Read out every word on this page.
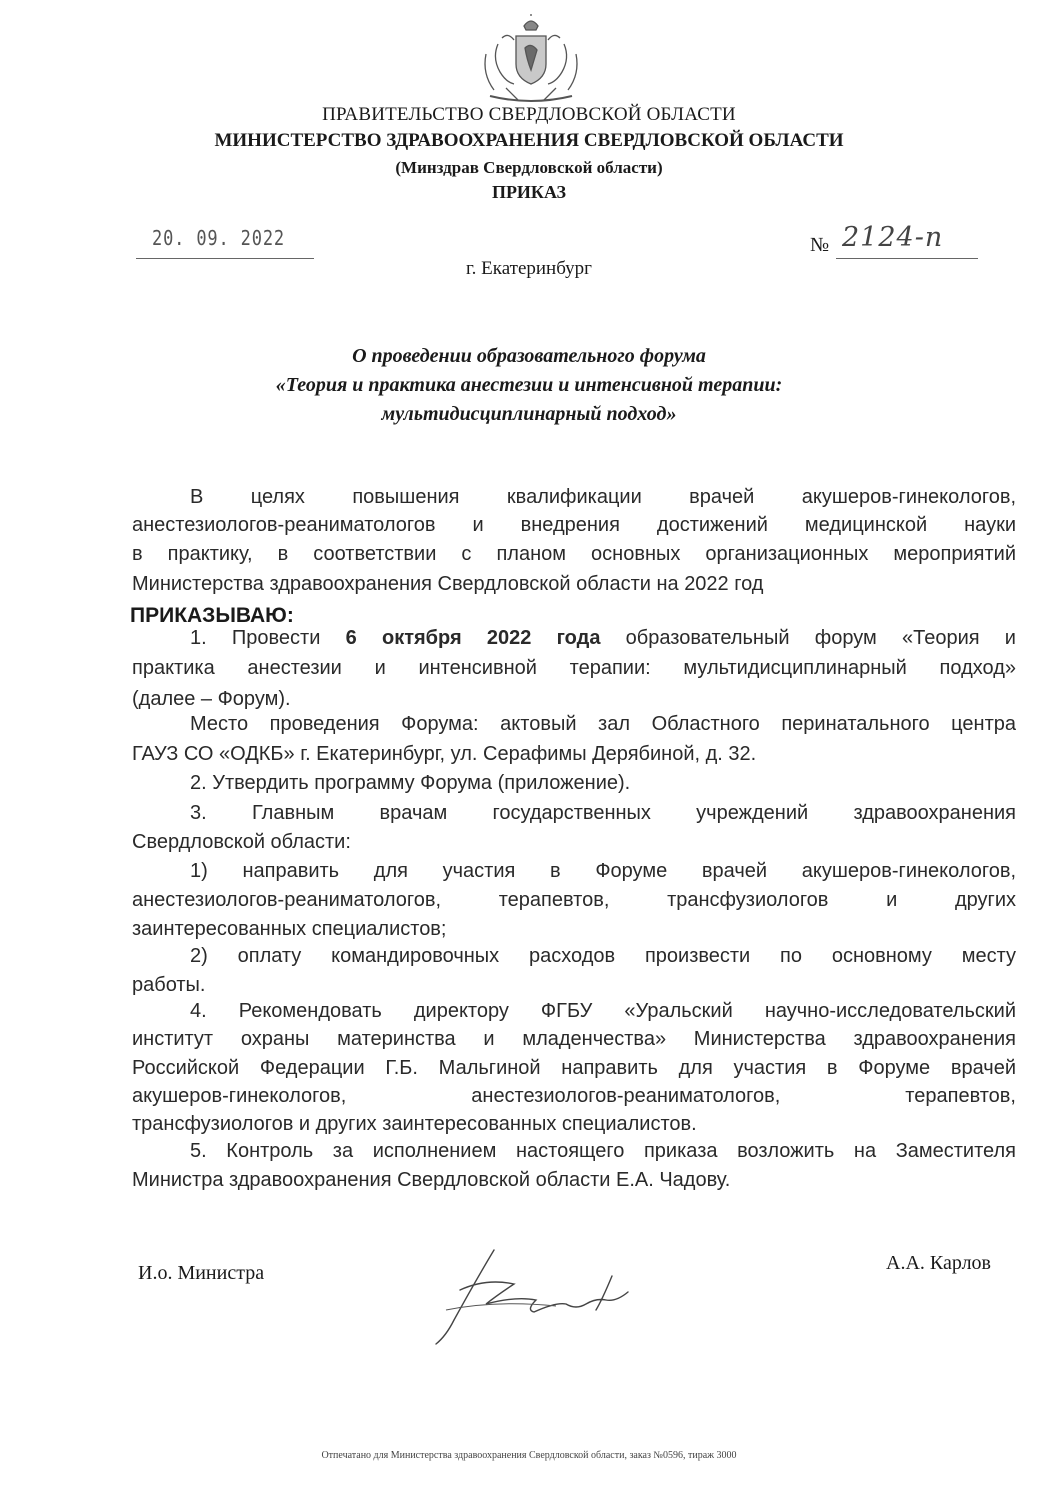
ПРАВИТЕЛЬСТВО СВЕРДЛОВСКОЙ ОБЛАСТИ
МИНИСТЕРСТВО ЗДРАВООХРАНЕНИЯ СВЕРДЛОВСКОЙ ОБЛАСТИ
(Минздрав Свердловской области)
ПРИКАЗ
20. 09. 2022	№ 2124-п
г. Екатеринбург
О проведении образовательного форума
«Теория и практика анестезии и интенсивной терапии:
мультидисциплинарный подход»
В целях повышения квалификации врачей акушеров-гинекологов,
анестезиологов-реаниматологов и внедрения достижений медицинской науки
в практику, в соответствии с планом основных организационных мероприятий
Министерства здравоохранения Свердловской области на 2022 год
ПРИКАЗЫВАЮ:
1. Провести 6 октября 2022 года образовательный форум «Теория и
практика анестезии и интенсивной терапии: мультидисциплинарный подход»
(далее – Форум).
Место проведения Форума: актовый зал Областного перинатального центра
ГАУЗ СО «ОДКБ» г. Екатеринбург, ул. Серафимы Дерябиной, д. 32.
2. Утвердить программу Форума (приложение).
3. Главным врачам государственных учреждений здравоохранения
Свердловской области:
1) направить для участия в Форуме врачей акушеров-гинекологов,
анестезиологов-реаниматологов, терапевтов, трансфузиологов и других
заинтересованных специалистов;
2) оплату командировочных расходов произвести по основному месту
работы.
4. Рекомендовать директору ФГБУ «Уральский научно-исследовательский
институт охраны материнства и младенчества» Министерства здравоохранения
Российской Федерации Г.Б. Мальгиной направить для участия в Форуме врачей
акушеров-гинекологов, анестезиологов-реаниматологов, терапевтов,
трансфузиологов и других заинтересованных специалистов.
5. Контроль за исполнением настоящего приказа возложить на Заместителя
Министра здравоохранения Свердловской области Е.А. Чадову.
И.о. Министра	А.А. Карлов
Отпечатано для Министерства здравоохранения Свердловской области, заказ №0596, тираж 3000
